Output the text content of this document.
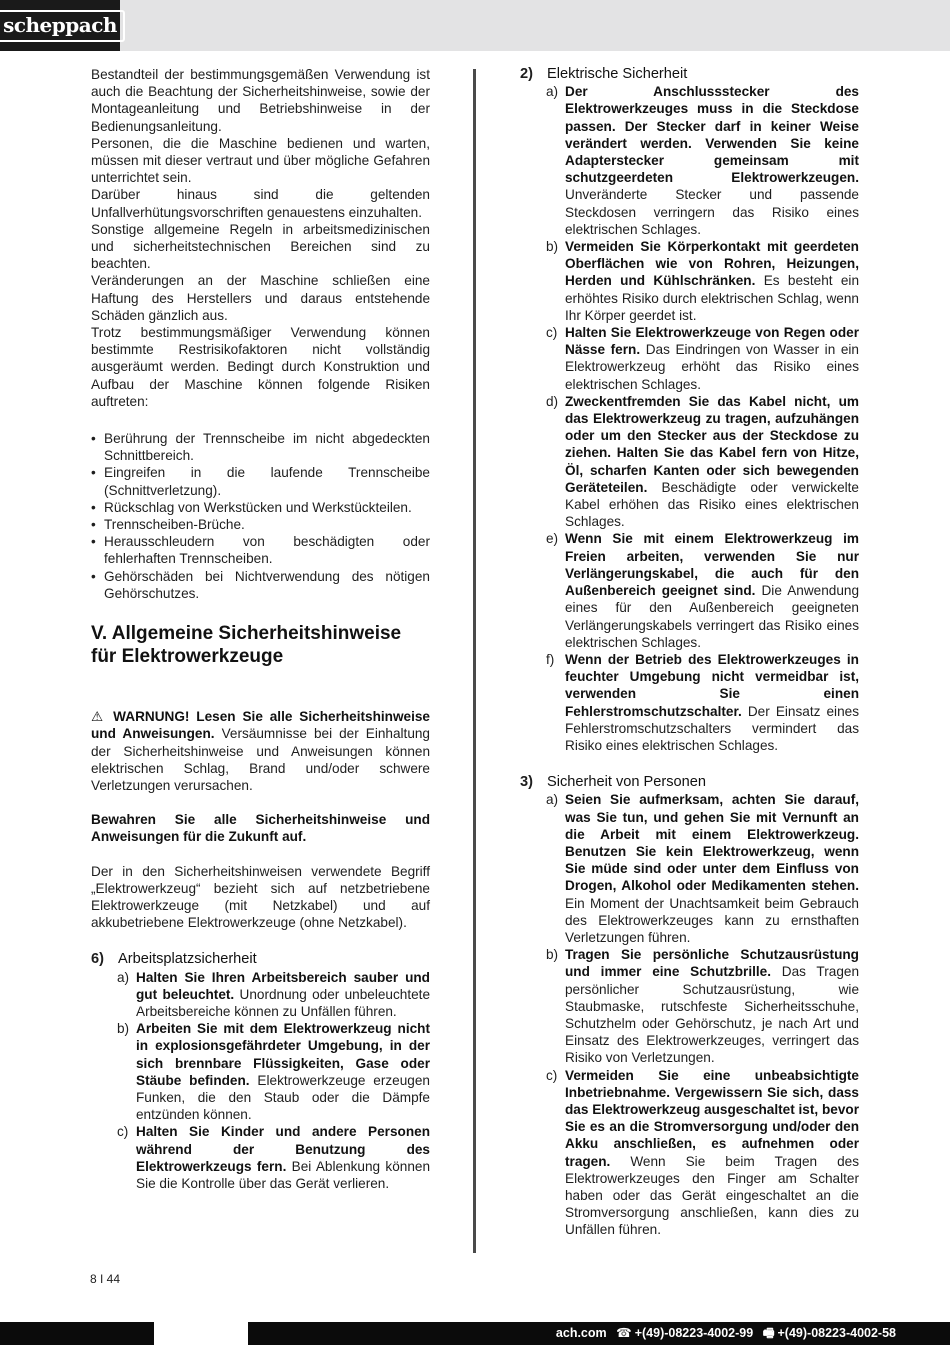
scheppach

Bestandteil der bestimmungsgemäßen Verwendung ist auch die Beachtung der Sicherheitshinweise, sowie der Montageanleitung und Betriebshinweise in der Bedienungsanleitung.

Personen, die die Maschine bedienen und warten, müssen mit dieser vertraut und über mögliche Gefahren unterrichtet sein.

Darüber hinaus sind die geltenden Unfallverhütungsvorschriften genauestens einzuhalten.

Sonstige allgemeine Regeln in arbeitsmedizinischen und sicherheitstechnischen Bereichen sind zu beachten.

Veränderungen an der Maschine schließen eine Haftung des Herstellers und daraus entstehende Schäden gänzlich aus.

Trotz bestimmungsmäßiger Verwendung können bestimmte Restrisikofaktoren nicht vollständig ausgeräumt werden. Bedingt durch Konstruktion und Aufbau der Maschine können folgende Risiken auftreten:

• Berührung der Trennscheibe im nicht abgedeckten Schnittbereich.
• Eingreifen in die laufende Trennscheibe (Schnittverletzung).
• Rückschlag von Werkstücken und Werkstückteilen.
• Trennscheiben-Brüche.
• Herausschleudern von beschädigten oder fehlerhaften Trennscheiben.
• Gehörschäden bei Nichtverwendung des nötigen Gehörschutzes.
V. Allgemeine Sicherheitshinweise
für Elektrowerkzeuge

⚠ WARNUNG! Lesen Sie alle Sicherheitshinweise und Anweisungen. Versäumnisse bei der Einhaltung der Sicherheitshinweise und Anweisungen können elektrischen Schlag, Brand und/oder schwere Verletzungen verursachen.

Bewahren Sie alle Sicherheitshinweise und Anweisungen für die Zukunft auf.

Der in den Sicherheitshinweisen verwendete Begriff „Elektrowerkzeug“ bezieht sich auf netzbetriebene Elektrowerkzeuge (mit Netzkabel) und auf akkubetriebene Elektrowerkzeuge (ohne Netzkabel).

6) Arbeitsplatzsicherheit
a) Halten Sie Ihren Arbeitsbereich sauber und gut beleuchtet. Unordnung oder unbeleuchtete Arbeitsbereiche können zu Unfällen führen.
b) Arbeiten Sie mit dem Elektrowerkzeug nicht in explosionsgefährdeter Umgebung, in der sich brennbare Flüssigkeiten, Gase oder Stäube befinden. Elektrowerkzeuge erzeugen Funken, die den Staub oder die Dämpfe entzünden können.
c) Halten Sie Kinder und andere Personen während der Benutzung des Elektrowerkzeugs fern. Bei Ablenkung können Sie die Kontrolle über das Gerät verlieren.
2) Elektrische Sicherheit
a) Der Anschlussstecker des Elektrowerkzeuges muss in die Steckdose passen. Der Stecker darf in keiner Weise verändert werden. Verwenden Sie keine Adapterstecker gemeinsam mit schutzgeerdeten Elektrowerkzeugen. Unveränderte Stecker und passende Steckdosen verringern das Risiko eines elektrischen Schlages.
b) Vermeiden Sie Körperkontakt mit geerdeten Oberflächen wie von Rohren, Heizungen, Herden und Kühlschränken. Es besteht ein erhöhtes Risiko durch elektrischen Schlag, wenn Ihr Körper geerdet ist.
c) Halten Sie Elektrowerkzeuge von Regen oder Nässe fern. Das Eindringen von Wasser in ein Elektrowerkzeug erhöht das Risiko eines elektrischen Schlages.
d) Zweckentfremden Sie das Kabel nicht, um das Elektrowerkzeug zu tragen, aufzuhängen oder um den Stecker aus der Steckdose zu ziehen. Halten Sie das Kabel fern von Hitze, Öl, scharfen Kanten oder sich bewegenden Geräteteilen. Beschädigte oder verwickelte Kabel erhöhen das Risiko eines elektrischen Schlages.
e) Wenn Sie mit einem Elektrowerkzeug im Freien arbeiten, verwenden Sie nur Verlängerungskabel, die auch für den Außenbereich geeignet sind. Die Anwendung eines für den Außenbereich geeigneten Verlängerungskabels verringert das Risiko eines elektrischen Schlages.
f) Wenn der Betrieb des Elektrowerkzeuges in feuchter Umgebung nicht vermeidbar ist, verwenden Sie einen Fehlerstromschutzschalter. Der Einsatz eines Fehlerstromschutzschalters vermindert das Risiko eines elektrischen Schlages.
3) Sicherheit von Personen
a) Seien Sie aufmerksam, achten Sie darauf, was Sie tun, und gehen Sie mit Vernunft an die Arbeit mit einem Elektrowerkzeug. Benutzen Sie kein Elektrowerkzeug, wenn Sie müde sind oder unter dem Einfluss von Drogen, Alkohol oder Medikamenten stehen. Ein Moment der Unachtsamkeit beim Gebrauch des Elektrowerkzeuges kann zu ernsthaften Verletzungen führen.
b) Tragen Sie persönliche Schutzausrüstung und immer eine Schutzbrille. Das Tragen persönlicher Schutzausrüstung, wie Staubmaske, rutschfeste Sicherheitsschuhe, Schutzhelm oder Gehörschutz, je nach Art und Einsatz des Elektrowerkzeuges, verringert das Risiko von Verletzungen.
c) Vermeiden Sie eine unbeabsichtigte Inbetriebnahme. Vergewissern Sie sich, dass das Elektrowerkzeug ausgeschaltet ist, bevor Sie es an die Stromversorgung und/oder den Akku anschließen, es aufnehmen oder tragen. Wenn Sie beim Tragen des Elektrowerkzeuges den Finger am Schalter haben oder das Gerät eingeschaltet an die Stromversorgung anschließen, kann dies zu Unfällen führen.
8 I 44
ach.com ☎ +(49)-08223-4002-99 🖷 +(49)-08223-4002-58
